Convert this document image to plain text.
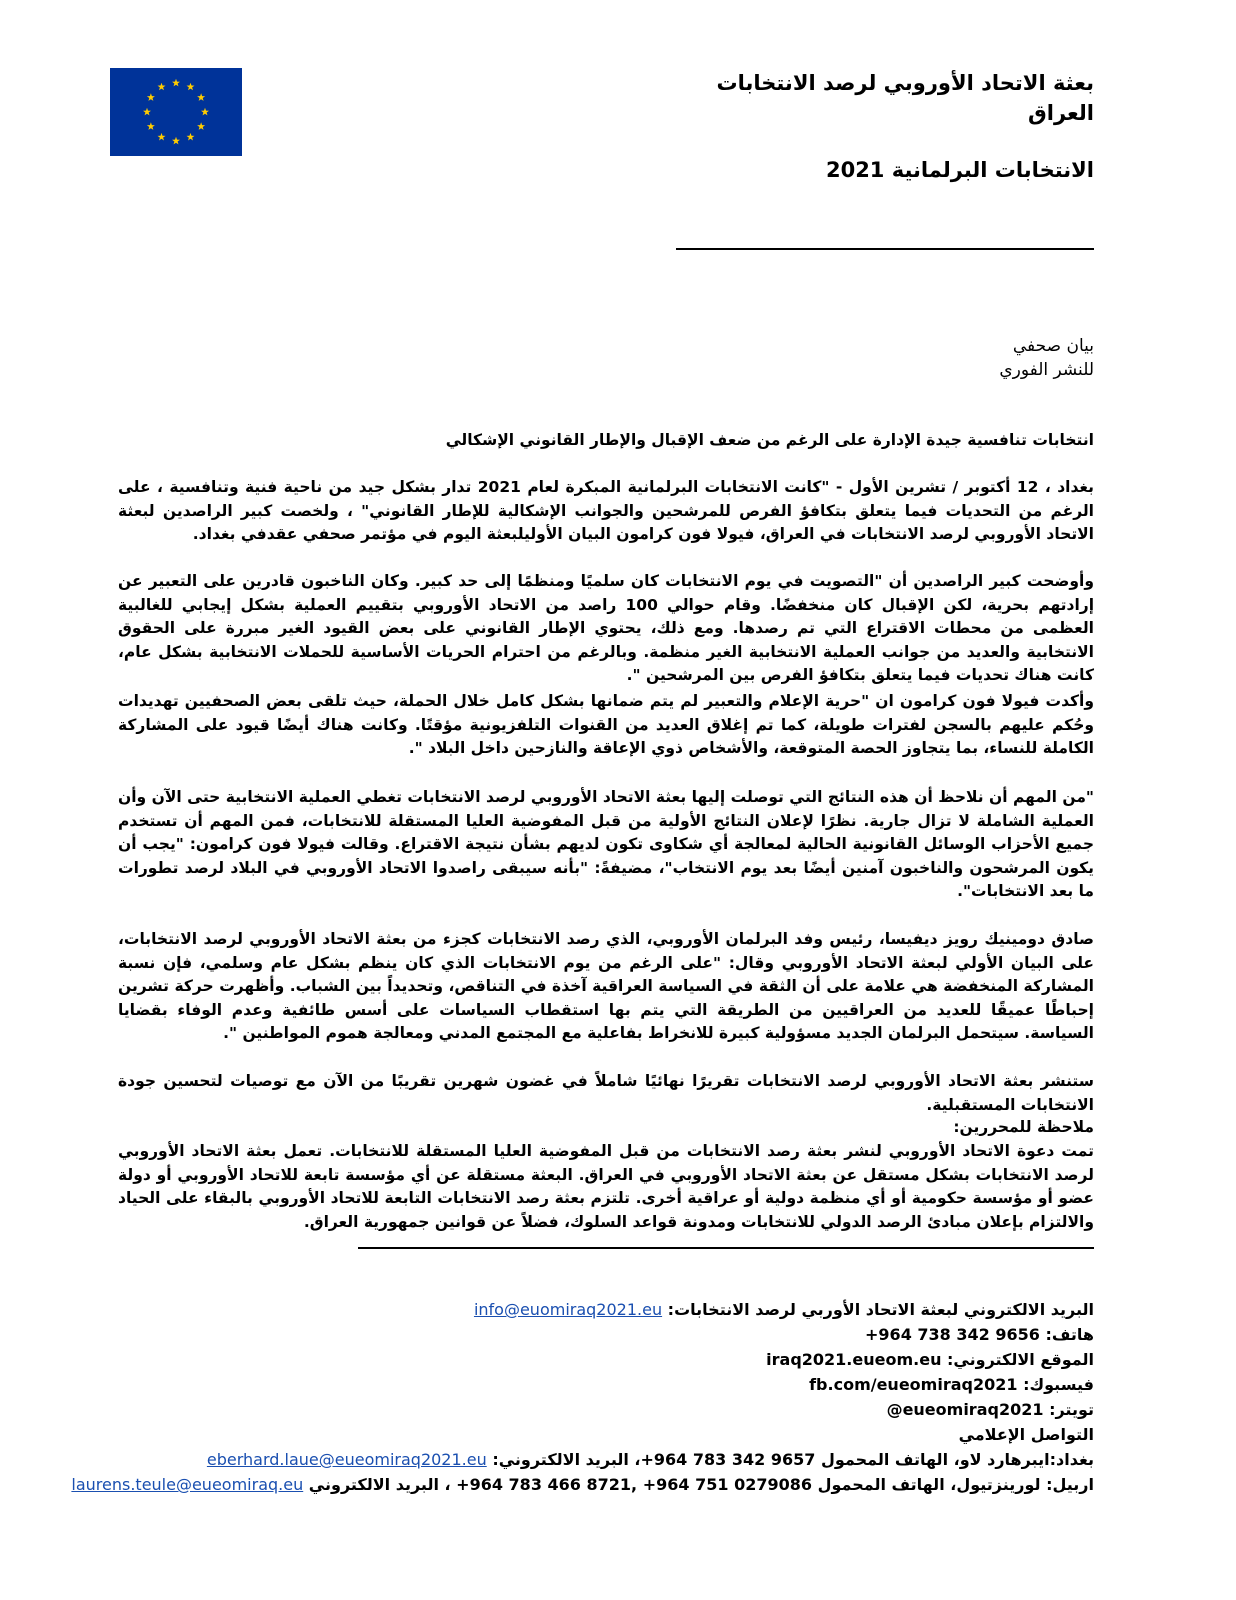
بعثة الاتحاد الأوروبي لرصد الانتخابات
العراق
الانتخابات البرلمانية 2021
بيان صحفي
للنشر الفوري
انتخابات تنافسية جيدة الإدارة على الرغم من ضعف الإقبال والإطار القانوني الإشكالي
بغداد ، 12 أكتوبر / تشرين الأول - "كانت الانتخابات البرلمانية المبكرة لعام 2021 تدار بشكل جيد من ناحية فنية وتنافسية ، على الرغم من التحديات فيما يتعلق بتكافؤ الفرص للمرشحين والجوانب الإشكالية للإطار القانوني" ، ولخصت كبير الراصدين لبعثة الاتحاد الأوروبي لرصد الانتخابات في العراق، فيولا فون كرامون البيان الأوليلبعثة اليوم في مؤتمر صحفي عقدفي بغداد.
وأوضحت كبير الراصدين أن "التصويت في يوم الانتخابات كان سلميًا ومنظمًا إلى حد كبير. وكان الناخبون قادرين على التعبير عن إرادتهم بحرية، لكن الإقبال كان منخفضًا. وقام حوالي 100 راصد من الاتحاد الأوروبي بتقييم العملية بشكل إيجابي للغالبية العظمى من محطات الاقتراع التي تم رصدها. ومع ذلك، يحتوي الإطار القانوني على بعض القيود الغير مبررة على الحقوق الانتخابية والعديد من جوانب العملية الانتخابية الغير منظمة. وبالرغم من احترام الحريات الأساسية للحملات الانتخابية بشكل عام، كانت هناك تحديات فيما يتعلق بتكافؤ الفرص بين المرشحين ".
وأكدت فيولا فون كرامون ان "حرية الإعلام والتعبير لم يتم ضمانها بشكل كامل خلال الحملة، حيث تلقى بعض الصحفيين تهديدات وحُكم عليهم بالسجن لفترات طويلة، كما تم إغلاق العديد من القنوات التلفزيونية مؤقتًا. وكانت هناك أيضًا قيود على المشاركة الكاملة للنساء، بما يتجاوز الحصة المتوقعة، والأشخاص ذوي الإعاقة والنازحين داخل البلاد ".
"من المهم أن نلاحظ أن هذه النتائج التي توصلت إليها بعثة الاتحاد الأوروبي لرصد الانتخابات تغطي العملية الانتخابية حتى الآن وأن العملية الشاملة لا تزال جارية. نظرًا لإعلان النتائج الأولية من قبل المفوضية العليا المستقلة للانتخابات، فمن المهم أن تستخدم جميع الأحزاب الوسائل القانونية الحالية لمعالجة أي شكاوى تكون لديهم بشأن نتيجة الاقتراع. وقالت فيولا فون كرامون: "يجب أن يكون المرشحون والناخبون آمنين أيضًا بعد يوم الانتخاب"، مضيفةً: "بأنه سيبقى راصدوا الاتحاد الأوروبي في البلاد لرصد تطورات ما بعد الانتخابات".
صادق دومينيك رويز ديفيسا، رئيس وفد البرلمان الأوروبي، الذي رصد الانتخابات كجزء من بعثة الاتحاد الأوروبي لرصد الانتخابات، على البيان الأولي لبعثة الاتحاد الأوروبي وقال: "على الرغم من يوم الانتخابات الذي كان ينظم بشكل عام وسلمي، فإن نسبة المشاركة المنخفضة هي علامة على أن الثقة في السياسة العراقية آخذة في التناقص، وتحديداً بين الشباب. وأظهرت حركة تشرين إحباطًا عميقًا للعديد من العراقيين من الطريقة التي يتم بها استقطاب السياسات على أسس طائفية وعدم الوفاء بقضايا السياسة. سيتحمل البرلمان الجديد مسؤولية كبيرة للانخراط بفاعلية مع المجتمع المدني ومعالجة هموم المواطنين ".
ستنشر بعثة الاتحاد الأوروبي لرصد الانتخابات تقريرًا نهائيًا شاملاً في غضون شهرين تقريبًا من الآن مع توصيات لتحسين جودة الانتخابات المستقبلية.
ملاحظة للمحررين:
تمت دعوة الاتحاد الأوروبي لنشر بعثة رصد الانتخابات من قبل المفوضية العليا المستقلة للانتخابات. تعمل بعثة الاتحاد الأوروبي لرصد الانتخابات بشكل مستقل عن بعثة الاتحاد الأوروبي في العراق. البعثة مستقلة عن أي مؤسسة تابعة للاتحاد الأوروبي أو دولة عضو أو مؤسسة حكومية أو أي منظمة دولية أو عراقية أخرى. تلتزم بعثة رصد الانتخابات التابعة للاتحاد الأوروبي بالبقاء على الحياد والالتزام بإعلان مبادئ الرصد الدولي للانتخابات ومدونة قواعد السلوك، فضلاً عن قوانين جمهورية العراق.
البريد الالكتروني لبعثة الاتحاد الأوربي لرصد الانتخابات: info@euomiraq2021.eu
هاتف: +964 738 342 9656
الموقع الالكتروني: iraq2021.eueom.eu
فيسبوك: fb.com/eueomiraq2021
تويتر: @eueomiraq2021
التواصل الإعلامي
بغداد:ايبرهارد لاو، الهاتف المحمول 9657 342 783 964+، البريد الالكتروني: eberhard.laue@eueomiraq2021.eu
اربيل: لورينزتيول، الهاتف المحمول 0279086 751 964+ ,8721 466 783 964+ ، البريد الالكتروني laurens.teule@eueomiraq.eu
